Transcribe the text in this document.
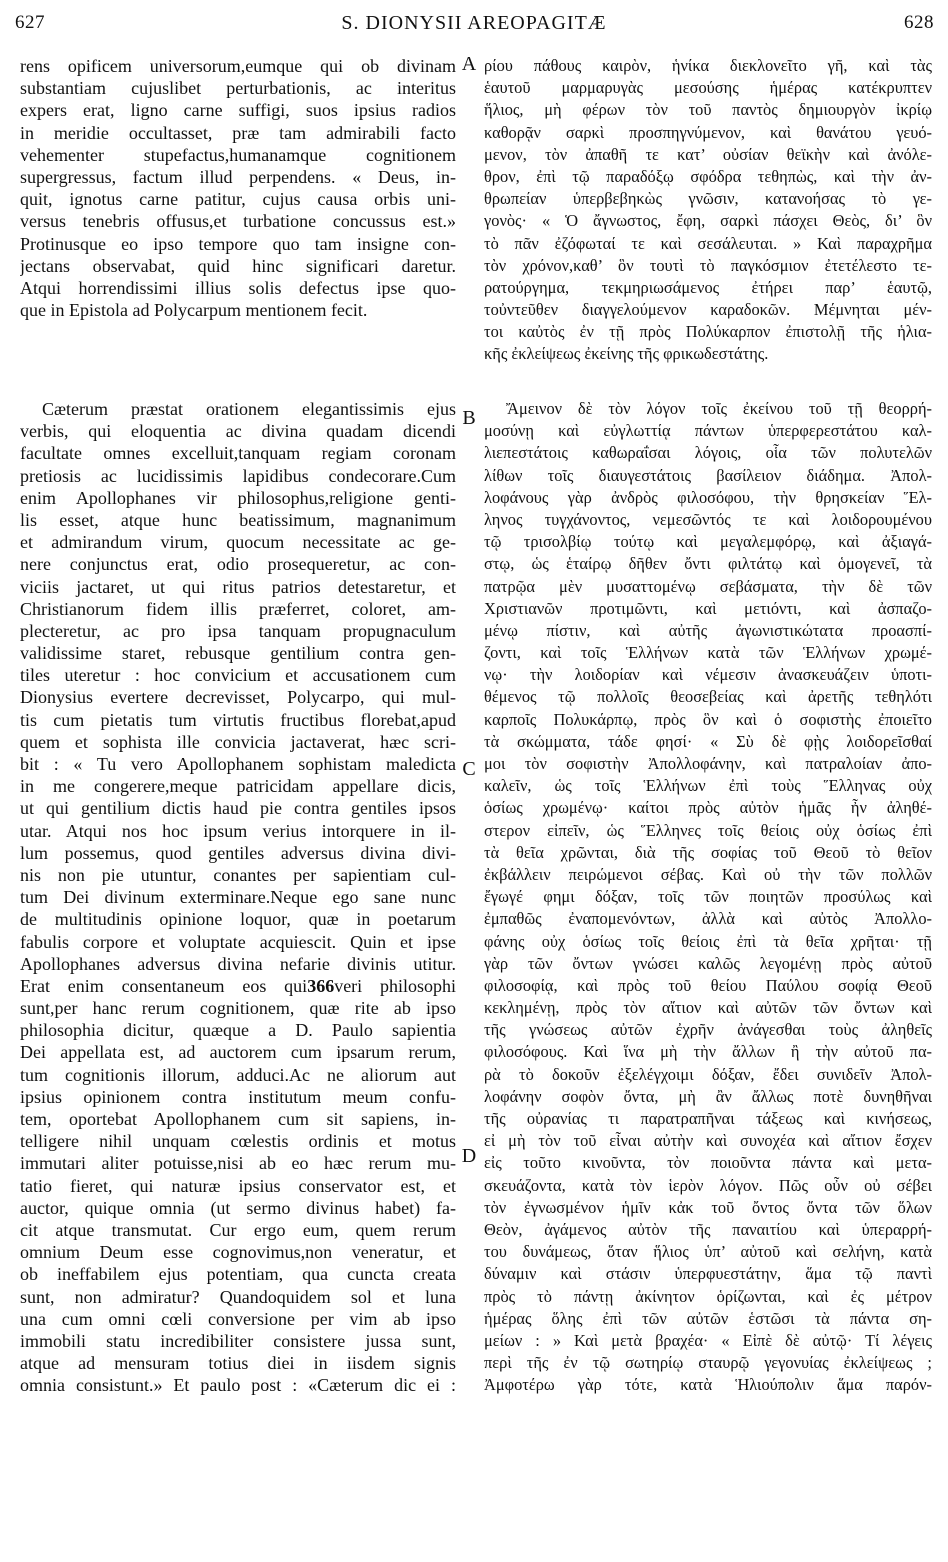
627	S. DIONYSII AREOPAGITÆ	628
A
B
C
D
rens opificem universorum,eumque qui ob divinam
substantiam cujuslibet perturbationis, ac interitus
expers erat, ligno carne suffigi, suos ipsius radios
in meridie occultasset, præ tam admirabili facto
vehementer stupefactus,humanamque cognitionem
supergressus, factum illud perpendens. « Deus, in-
quit, ignotus carne patitur, cujus causa orbis uni-
versus tenebris offusus,et turbatione concussus est.»
Protinusque eo ipso tempore quo tam insigne con-
jectans observabat, quid hinc significari daretur.
Atqui horrendissimi illius solis defectus ipse quo-
que in Epistola ad Polycarpum mentionem fecit.
Cæterum præstat orationem elegantissimis ejus
verbis, qui eloquentia ac divina quadam dicendi
facultate omnes excelluit,tanquam regiam coronam
pretiosis ac lucidissimis lapidibus condecorare.Cum
enim Apollophanes vir philosophus,religione genti-
lis esset, atque hunc beatissimum, magnanimum
et admirandum virum, quocum necessitate ac ge-
nere conjunctus erat, odio prosequeretur, ac con-
viciis jactaret, ut qui ritus patrios detestaretur, et
Christianorum fidem illis præferret, coloret, am-
plecteretur, ac pro ipsa tanquam propugnaculum
validissime staret, rebusque gentilium contra gen-
tiles uteretur : hoc convicium et accusationem cum
Dionysius evertere decrevisset, Polycarpo, qui mul-
tis cum pietatis tum virtutis fructibus florebat,apud
quem et sophista ille convicia jactaverat, hæc scri-
bit : « Tu vero Apollophanem sophistam maledicta
in me congerere,meque patricidam appellare dicis,
ut qui gentilium dictis haud pie contra gentiles ipsos
utar. Atqui nos hoc ipsum verius intorquere in il-
lum possemus, quod gentiles adversus divina divi-
nis non pie utuntur, conantes per sapientiam cul-
tum Dei divinum exterminare.Neque ego sane nunc
de multitudinis opinione loquor, quæ in poetarum
fabulis corpore et voluptate acquiescit. Quin et ipse
Apollophanes adversus divina nefarie divinis utitur.
Erat enim consentaneum eos qui366veri philosophi
sunt,per hanc rerum cognitionem, quæ rite ab ipso
philosophia dicitur, quæque a D. Paulo sapientia
Dei appellata est, ad auctorem cum ipsarum rerum,
tum cognitionis illorum, adduci.Ac ne aliorum aut
ipsius opinionem contra institutum meum confu-
tem, oportebat Apollophanem cum sit sapiens, in-
telligere nihil unquam cœlestis ordinis et motus
immutari aliter potuisse,nisi ab eo hæc rerum mu-
tatio fieret, qui naturæ ipsius conservator est, et
auctor, quique omnia (ut sermo divinus habet) fa-
cit atque transmutat. Cur ergo eum, quem rerum
omnium Deum esse cognovimus,non veneratur, et
ob ineffabilem ejus potentiam, qua cuncta creata
sunt, non admiratur? Quandoquidem sol et luna
una cum omni cœli conversione per vim ab ipso
immobili statu incredibiliter consistere jussa sunt,
atque ad mensuram totius diei in iisdem signis
omnia consistunt.» Et paulo post : «Cæterum dic ei :
ρίου πάθους καιρὸν, ἡνίκα διεκλονεῖτο γῆ, καὶ τὰς
ἑαυτοῦ μαρμαρυγὰς μεσούσης ἡμέρας κατέκρυπτεν
ἥλιος, μὴ φέρων τὸν τοῦ παντὸς δημιουργὸν ἰκρίῳ
καθορᾷν σαρκὶ προσπηγνύμενον, καὶ θανάτου γευό-
μενον, τὸν ἀπαθῆ τε κατ’ οὐσίαν θεϊκὴν καὶ ἀνόλε-
θρον, ἐπὶ τῷ παραδόξῳ σφόδρα τεθηπὼς, καὶ τὴν ἀν-
θρωπείαν ὑπερβεβηκὼς γνῶσιν, κατανοήσας τὸ γε-
γονὸς· « Ὁ ἄγνωστος, ἔφη, σαρκὶ πάσχει Θεὸς, δι’ ὃν
τὸ πᾶν ἐζόφωταί τε καὶ σεσάλευται. » Καὶ παραχρῆμα
τὸν χρόνον,καθ’ ὃν τουτὶ τὸ παγκόσμιον ἐτετέλεστο τε-
ρατούργημα, τεκμηριωσάμενος ἐτήρει παρ’ ἑαυτῷ,
τοὐντεῦθεν διαγγελούμενον καραδοκῶν. Μέμνηται μέν-
τοι καὐτὸς ἐν τῇ πρὸς Πολύκαρπον ἐπιστολῇ τῆς ἡλια-
κῆς ἐκλείψεως ἐκείνης τῆς φρικωδεστάτης.
Ἄμεινον δὲ τὸν λόγον τοῖς ἐκείνου τοῦ τῇ θεορρή-
μοσύνῃ καὶ εὐγλωττίᾳ πάντων ὑπερφερεστάτου καλ-
λιεπεστάτοις καθωραΐσαι λόγοις, οἷα τῶν πολυτελῶν
λίθων τοῖς διαυγεστάτοις βασίλειον διάδημα. Ἀπολ-
λοφάνους γὰρ ἀνδρὸς φιλοσόφου, τὴν θρησκείαν Ἕλ-
ληνος τυγχάνοντος, νεμεσῶντός τε καὶ λοιδορουμένου
τῷ τρισολβίῳ τούτῳ καὶ μεγαλεμφόρῳ, καὶ ἀξιαγά-
στῳ, ὡς ἑταίρῳ δῆθεν ὄντι φιλτάτῳ καὶ ὁμογενεῖ, τὰ
πατρῷα μὲν μυσαττομένῳ σεβάσματα, τὴν δὲ τῶν
Χριστιανῶν προτιμῶντι, καὶ μετιόντι, καὶ ἀσπαζο-
μένῳ πίστιν, καὶ αὐτῆς ἀγωνιστικώτατα προασπί-
ζοντι, καὶ τοῖς Ἑλλήνων κατὰ τῶν Ἑλλήνων χρωμέ-
νῳ· τὴν λοιδορίαν καὶ νέμεσιν ἀνασκευάζειν ὑποτι-
θέμενος τῷ πολλοῖς θεοσεβείας καὶ ἀρετῆς τεθηλότι
καρποῖς Πολυκάρπῳ, πρὸς ὃν καὶ ὁ σοφιστὴς ἐποιεῖτο
τὰ σκώμματα, τάδε φησί· « Σὺ δὲ φῂς λοιδορεῖσθαί
μοι τὸν σοφιστὴν Ἀπολλοφάνην, καὶ πατραλοίαν ἀπο-
καλεῖν, ὡς τοῖς Ἑλλήνων ἐπὶ τοὺς Ἕλληνας οὐχ
ὁσίως χρωμένῳ· καίτοι πρὸς αὐτὸν ἡμᾶς ἦν ἀληθέ-
στερον εἰπεῖν, ὡς Ἕλληνες τοῖς θείοις οὐχ ὁσίως ἐπὶ
τὰ θεῖα χρῶνται, διὰ τῆς σοφίας τοῦ Θεοῦ τὸ θεῖον
ἐκβάλλειν πειρώμενοι σέβας. Καὶ οὐ τὴν τῶν πολλῶν
ἔγωγέ φημι δόξαν, τοῖς τῶν ποιητῶν προσύλως καὶ
ἐμπαθῶς ἐναπομενόντων, ἀλλὰ καὶ αὐτὸς Ἀπολλο-
φάνης οὐχ ὁσίως τοῖς θείοις ἐπὶ τὰ θεῖα χρῆται· τῇ
γὰρ τῶν ὄντων γνώσει καλῶς λεγομένῃ πρὸς αὐτοῦ
φιλοσοφίᾳ, καὶ πρὸς τοῦ θείου Παύλου σοφίᾳ Θεοῦ
κεκλημένῃ, πρὸς τὸν αἴτιον καὶ αὐτῶν τῶν ὄντων καὶ
τῆς γνώσεως αὐτῶν ἐχρῆν ἀνάγεσθαι τοὺς ἀληθεῖς
φιλοσόφους. Καὶ ἵνα μὴ τὴν ἄλλων ἢ τὴν αὐτοῦ πα-
ρὰ τὸ δοκοῦν ἐξελέγχοιμι δόξαν, ἔδει συνιδεῖν Ἀπολ-
λοφάνην σοφὸν ὄντα, μὴ ἂν ἄλλως ποτὲ δυνηθῆναι
τῆς οὐρανίας τι παρατραπῆναι τάξεως καὶ κινήσεως,
εἰ μὴ τὸν τοῦ εἶναι αὐτὴν καὶ συνοχέα καὶ αἴτιον ἔσχεν
εἰς τοῦτο κινοῦντα, τὸν ποιοῦντα πάντα καὶ μετα-
σκευάζοντα, κατὰ τὸν ἱερὸν λόγον. Πῶς οὖν οὐ σέβει
τὸν ἐγνωσμένον ἡμῖν κἀκ τοῦ ὄντος ὄντα τῶν ὅλων
Θεὸν, ἀγάμενος αὐτὸν τῆς παναιτίου καὶ ὑπεραρρή-
του δυνάμεως, ὅταν ἥλιος ὑπ’ αὐτοῦ καὶ σελήνη, κατὰ
δύναμιν καὶ στάσιν ὑπερφυεστάτην, ἅμα τῷ παντὶ
πρὸς τὸ πάντῃ ἀκίνητον ὁρίζωνται, καὶ ἐς μέτρον
ἡμέρας ὅλης ἐπὶ τῶν αὐτῶν ἑστῶσι τὰ πάντα ση-
μείων : » Καὶ μετὰ βραχέα· « Εἰπὲ δὲ αὐτῷ· Τί λέγεις
περὶ τῆς ἐν τῷ σωτηρίῳ σταυρῷ γεγονυίας ἐκλείψεως ;
Ἀμφοτέρω γὰρ τότε, κατὰ Ἡλιούπολιν ἅμα παρόν-
